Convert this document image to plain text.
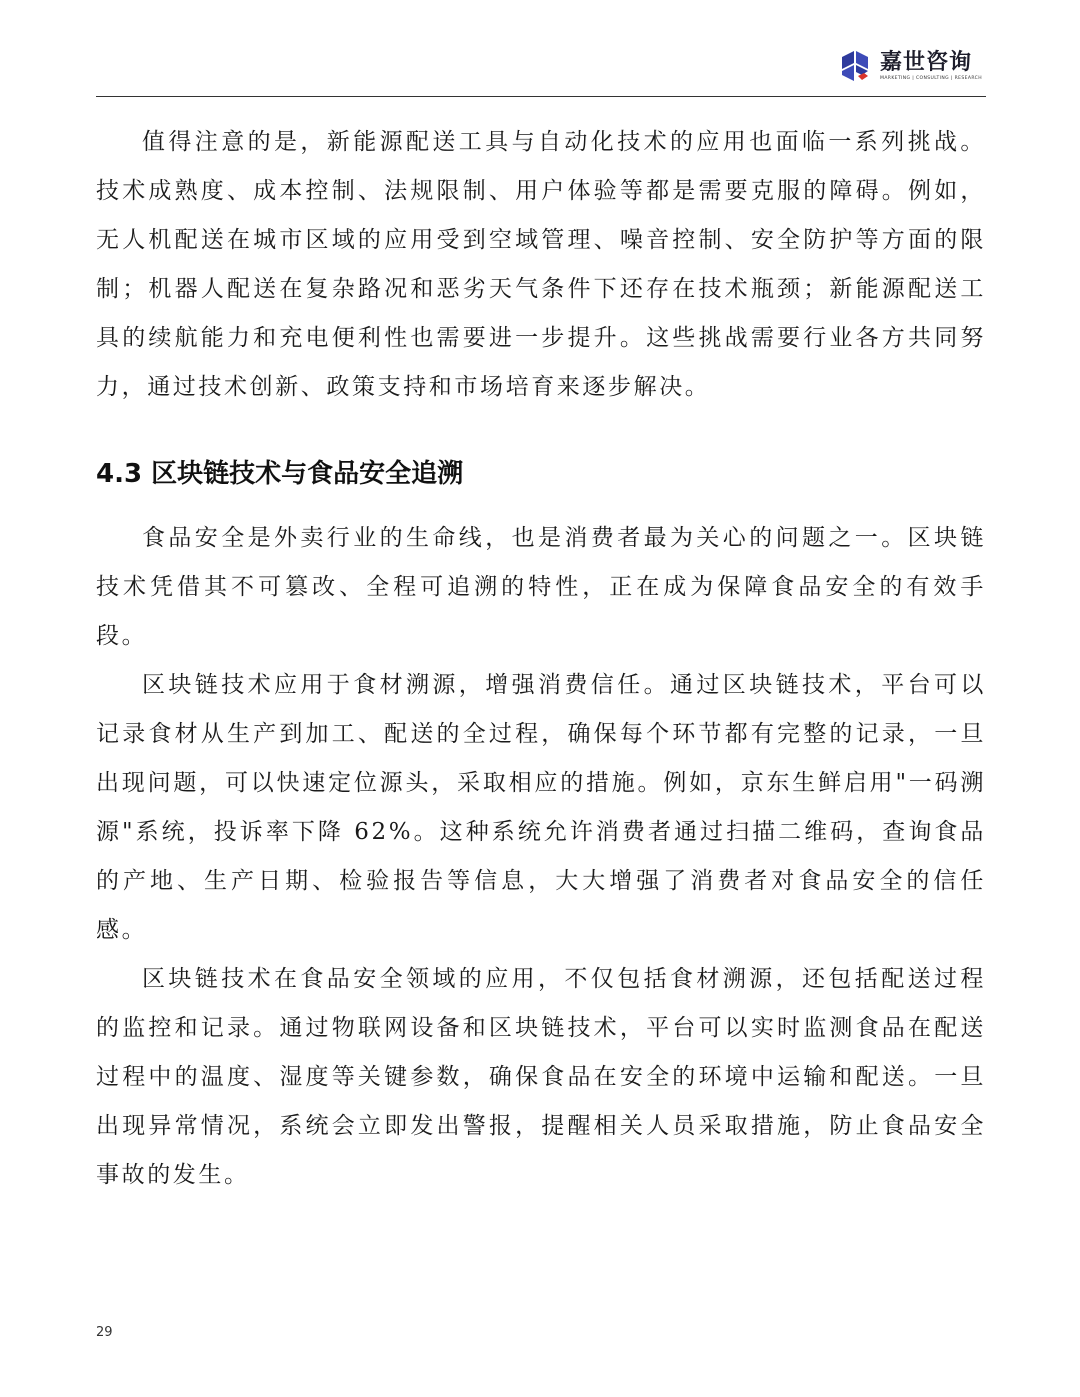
嘉世咨询
MARKETING | CONSULTING | RESEARCH

值得注意的是，新能源配送工具与自动化技术的应用也面临一系列挑战。技术成熟度、成本控制、法规限制、用户体验等都是需要克服的障碍。例如，无人机配送在城市区域的应用受到空域管理、噪音控制、安全防护等方面的限制；机器人配送在复杂路况和恶劣天气条件下还存在技术瓶颈；新能源配送工具的续航能力和充电便利性也需要进一步提升。这些挑战需要行业各方共同努力，通过技术创新、政策支持和市场培育来逐步解决。

4.3 区块链技术与食品安全追溯

食品安全是外卖行业的生命线，也是消费者最为关心的问题之一。区块链技术凭借其不可篡改、全程可追溯的特性，正在成为保障食品安全的有效手段。

区块链技术应用于食材溯源，增强消费信任。通过区块链技术，平台可以记录食材从生产到加工、配送的全过程，确保每个环节都有完整的记录，一旦出现问题，可以快速定位源头，采取相应的措施。例如，京东生鲜启用"一码溯源"系统，投诉率下降 62%。这种系统允许消费者通过扫描二维码，查询食品的产地、生产日期、检验报告等信息，大大增强了消费者对食品安全的信任感。

区块链技术在食品安全领域的应用，不仅包括食材溯源，还包括配送过程的监控和记录。通过物联网设备和区块链技术，平台可以实时监测食品在配送过程中的温度、湿度等关键参数，确保食品在安全的环境中运输和配送。一旦出现异常情况，系统会立即发出警报，提醒相关人员采取措施，防止食品安全事故的发生。

29
